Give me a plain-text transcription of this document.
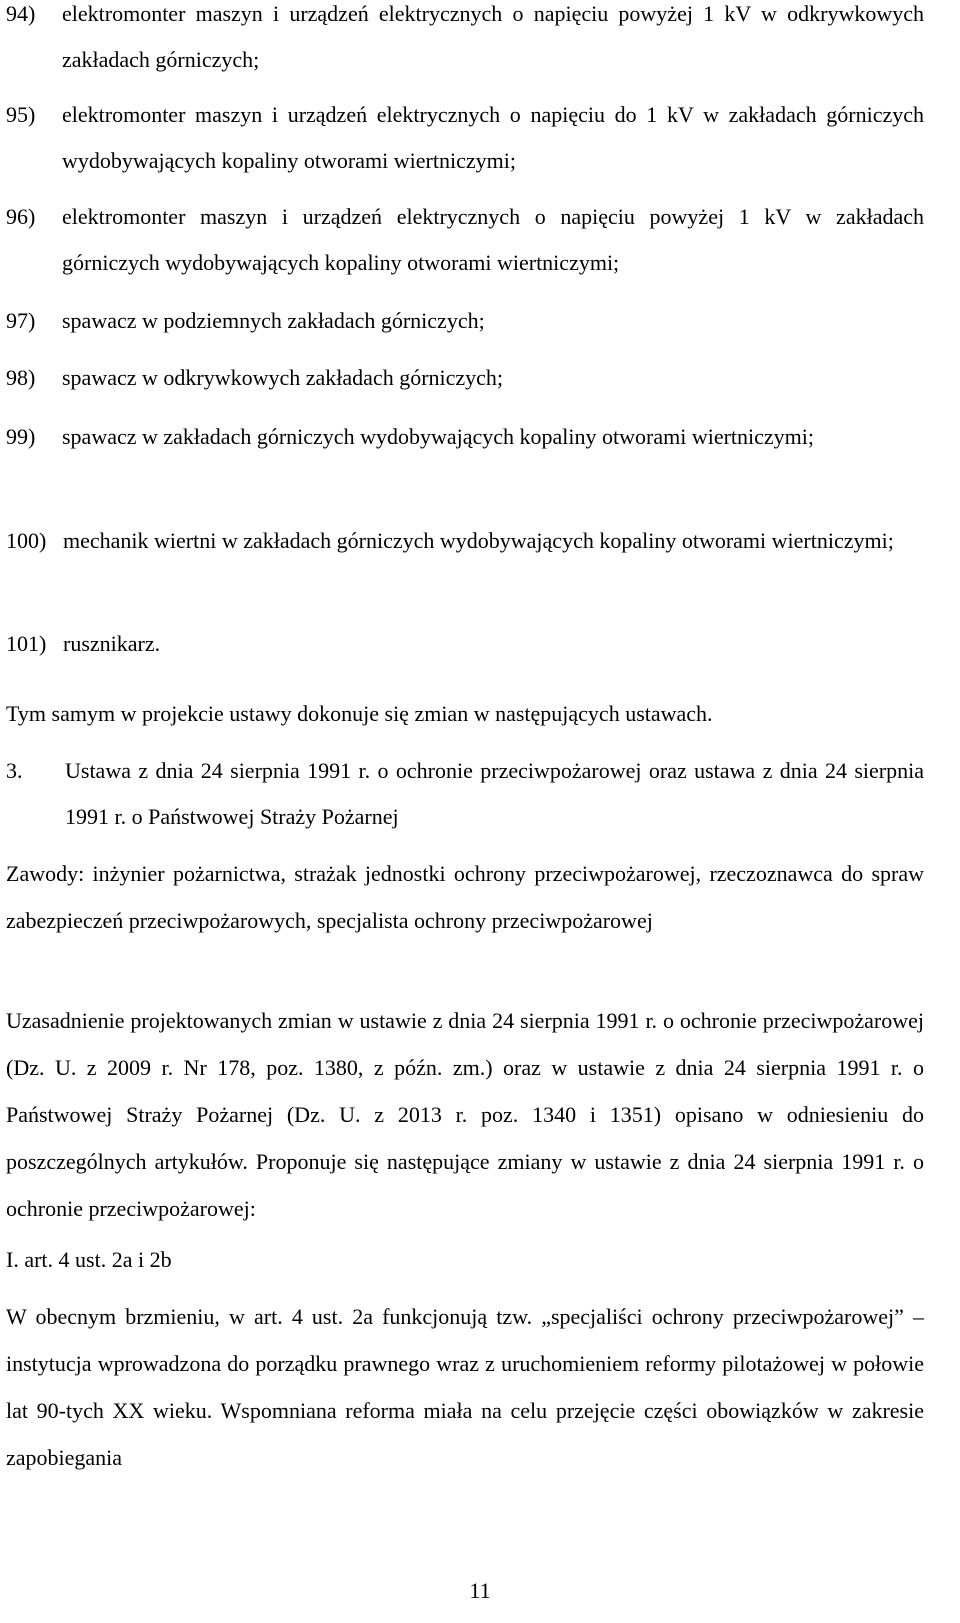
94) elektromonter maszyn i urządzeń elektrycznych o napięciu powyżej 1 kV w odkrywkowych zakładach górniczych;
95) elektromonter maszyn i urządzeń elektrycznych o napięciu do 1 kV w zakładach górniczych wydobywających kopaliny otworami wiertniczymi;
96) elektromonter maszyn i urządzeń elektrycznych o napięciu powyżej 1 kV w zakładach górniczych wydobywających kopaliny otworami wiertniczymi;
97) spawacz w podziemnych zakładach górniczych;
98) spawacz w odkrywkowych zakładach górniczych;
99) spawacz w zakładach górniczych wydobywających kopaliny otworami wiertniczymi;
100) mechanik wiertni w zakładach górniczych wydobywających kopaliny otworami wiertniczymi;
101) rusznikarz.
Tym samym w projekcie ustawy dokonuje się zmian w następujących ustawach.
3. Ustawa z dnia 24 sierpnia 1991 r. o ochronie przeciwpożarowej oraz ustawa z dnia 24 sierpnia 1991 r. o Państwowej Straży Pożarnej
Zawody: inżynier pożarnictwa, strażak jednostki ochrony przeciwpożarowej, rzeczoznawca do spraw zabezpieczeń przeciwpożarowych, specjalista ochrony przeciwpożarowej
Uzasadnienie projektowanych zmian w ustawie z dnia 24 sierpnia 1991 r. o ochronie przeciwpożarowej (Dz. U. z 2009 r. Nr 178, poz. 1380, z późn. zm.) oraz w ustawie z dnia 24 sierpnia 1991 r. o Państwowej Straży Pożarnej (Dz. U. z 2013 r. poz. 1340 i 1351) opisano w odniesieniu do poszczególnych artykułów. Proponuje się następujące zmiany w ustawie z dnia 24 sierpnia 1991 r. o ochronie przeciwpożarowej:
I. art. 4 ust. 2a i 2b
W obecnym brzmieniu, w art. 4 ust. 2a funkcjonują tzw. „specjaliści ochrony przeciwpożarowej” – instytucja wprowadzona do porządku prawnego wraz z uruchomieniem reformy pilotażowej w połowie lat 90-tych XX wieku. Wspomniana reforma miała na celu przejęcie części obowiązków w zakresie zapobiegania
11
